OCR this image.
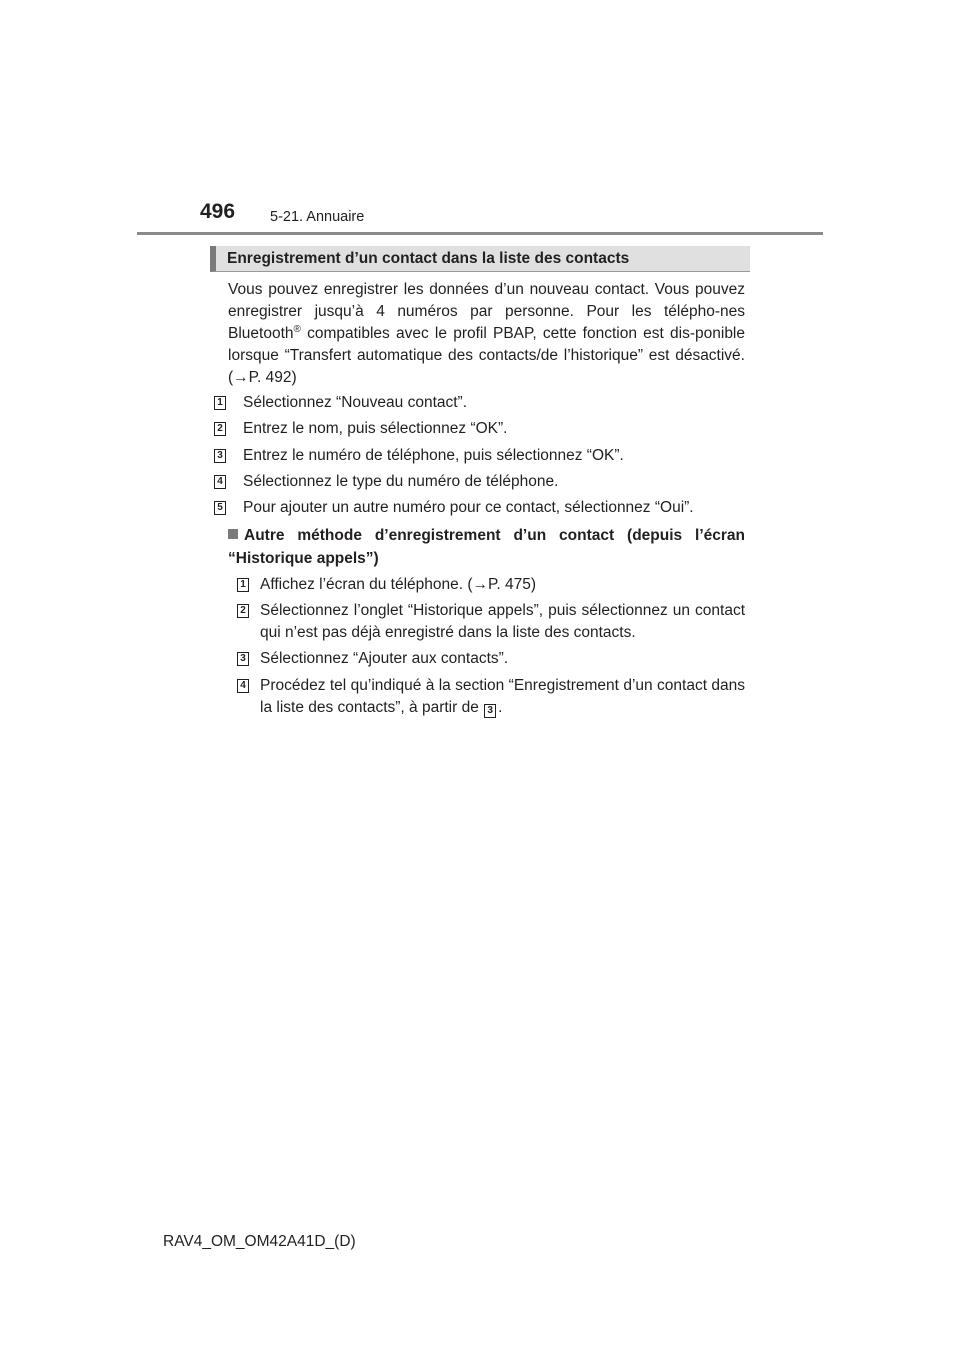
496 5-21. Annuaire
Enregistrement d’un contact dans la liste des contacts
Vous pouvez enregistrer les données d’un nouveau contact. Vous pouvez enregistrer jusqu’à 4 numéros par personne. Pour les télépho-nes Bluetooth® compatibles avec le profil PBAP, cette fonction est dis-ponible lorsque “Transfert automatique des contacts/de l’historique” est désactivé. (→P. 492)
1 Sélectionnez “Nouveau contact”.
2 Entrez le nom, puis sélectionnez “OK”.
3 Entrez le numéro de téléphone, puis sélectionnez “OK”.
4 Sélectionnez le type du numéro de téléphone.
5 Pour ajouter un autre numéro pour ce contact, sélectionnez “Oui”.
Autre méthode d’enregistrement d’un contact (depuis l’écran “Historique appels”)
1 Affichez l’écran du téléphone. (→P. 475)
2 Sélectionnez l’onglet “Historique appels”, puis sélectionnez un contact qui n’est pas déjà enregistré dans la liste des contacts.
3 Sélectionnez “Ajouter aux contacts”.
4 Procédez tel qu’indiqué à la section “Enregistrement d’un contact dans la liste des contacts”, à partir de 3 .
RAV4_OM_OM42A41D_(D)
